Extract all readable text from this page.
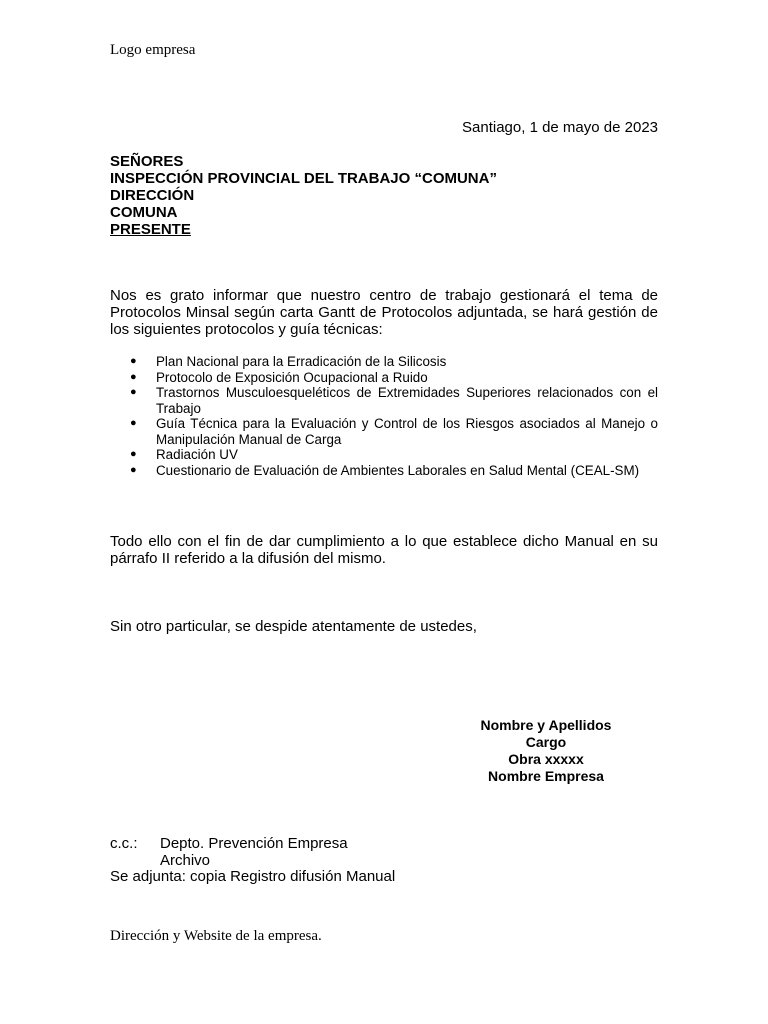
Logo empresa
Santiago, 1 de mayo de 2023
SEÑORES
INSPECCIÓN PROVINCIAL DEL TRABAJO “COMUNA”
DIRECCIÓN
COMUNA
PRESENTE
Nos es grato informar que nuestro centro de trabajo gestionará el tema de Protocolos Minsal según carta Gantt de Protocolos adjuntada, se hará gestión de los siguientes protocolos y guía técnicas:
● Plan Nacional para la Erradicación de la Silicosis
● Protocolo de Exposición Ocupacional a Ruido
● Trastornos Musculoesqueléticos de Extremidades Superiores relacionados con el Trabajo
● Guía Técnica para la Evaluación y Control de los Riesgos asociados al Manejo o Manipulación Manual de Carga
● Radiación UV
● Cuestionario de Evaluación de Ambientes Laborales en Salud Mental (CEAL-SM)
Todo ello con el fin de dar cumplimiento a lo que establece dicho Manual en su párrafo II referido a la difusión del mismo.
Sin otro particular, se despide atentamente de ustedes,
Nombre y Apellidos
Cargo
Obra xxxxx
Nombre Empresa
c.c.:	Depto. Prevención Empresa
Archivo
Se adjunta: copia Registro difusión Manual
Dirección y Website de la empresa.
